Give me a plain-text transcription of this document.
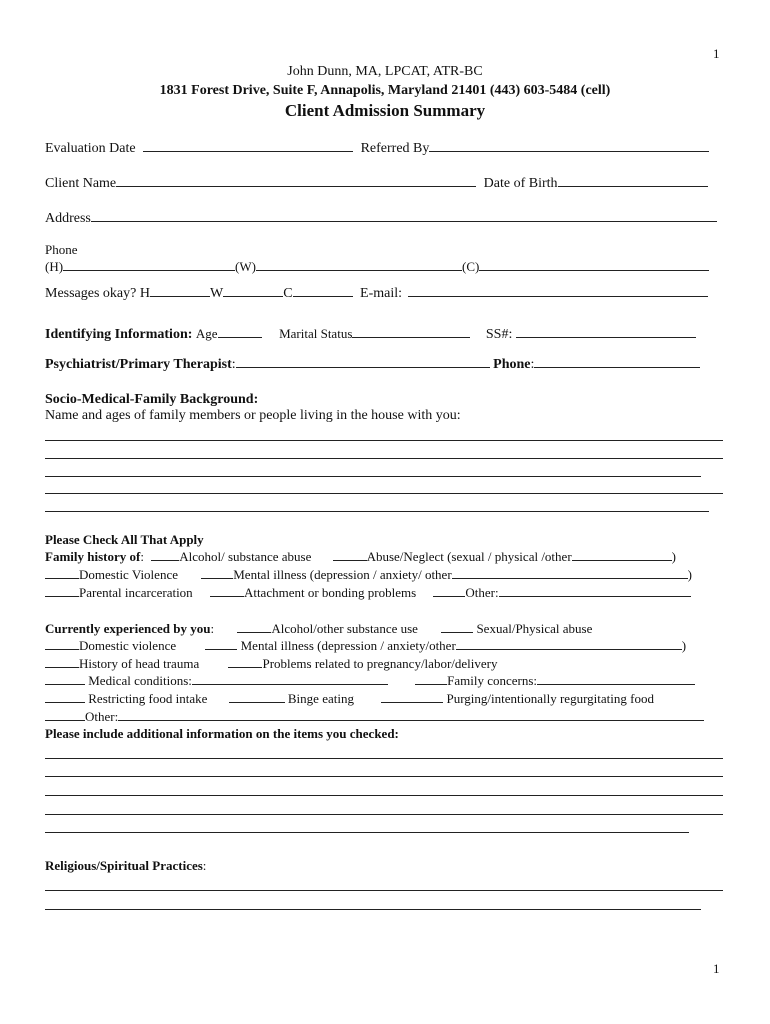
1
1
John Dunn, MA, LPCAT, ATR-BC
1831 Forest Drive, Suite F, Annapolis, Maryland 21401 (443) 603-5484 (cell)
Client Admission Summary
Evaluation Date	Referred By
Client Name	Date of Birth
Address
Phone
(H)	(W)	(C)
Messages okay? H	W	C	E-mail:
Identifying Information: Age	Marital Status	SS#:
Psychiatrist/Primary Therapist:	Phone:
Socio-Medical-Family Background:
Name and ages of family members or people living in the house with you:
Please Check All That Apply
Family history of:	Alcohol/ substance abuse	Abuse/Neglect (sexual / physical /other	)
Domestic Violence	Mental illness (depression / anxiety/ other	)
Parental incarceration	Attachment or bonding problems	Other:
Currently experienced by you:	Alcohol/other substance use	Sexual/Physical abuse
Domestic violence	Mental illness (depression / anxiety/other	)
History of head trauma	Problems related to pregnancy/labor/delivery
Medical conditions:	Family concerns:
Restricting food intake	Binge eating	Purging/intentionally regurgitating food
Other:
Please include additional information on the items you checked:
Religious/Spiritual Practices:
